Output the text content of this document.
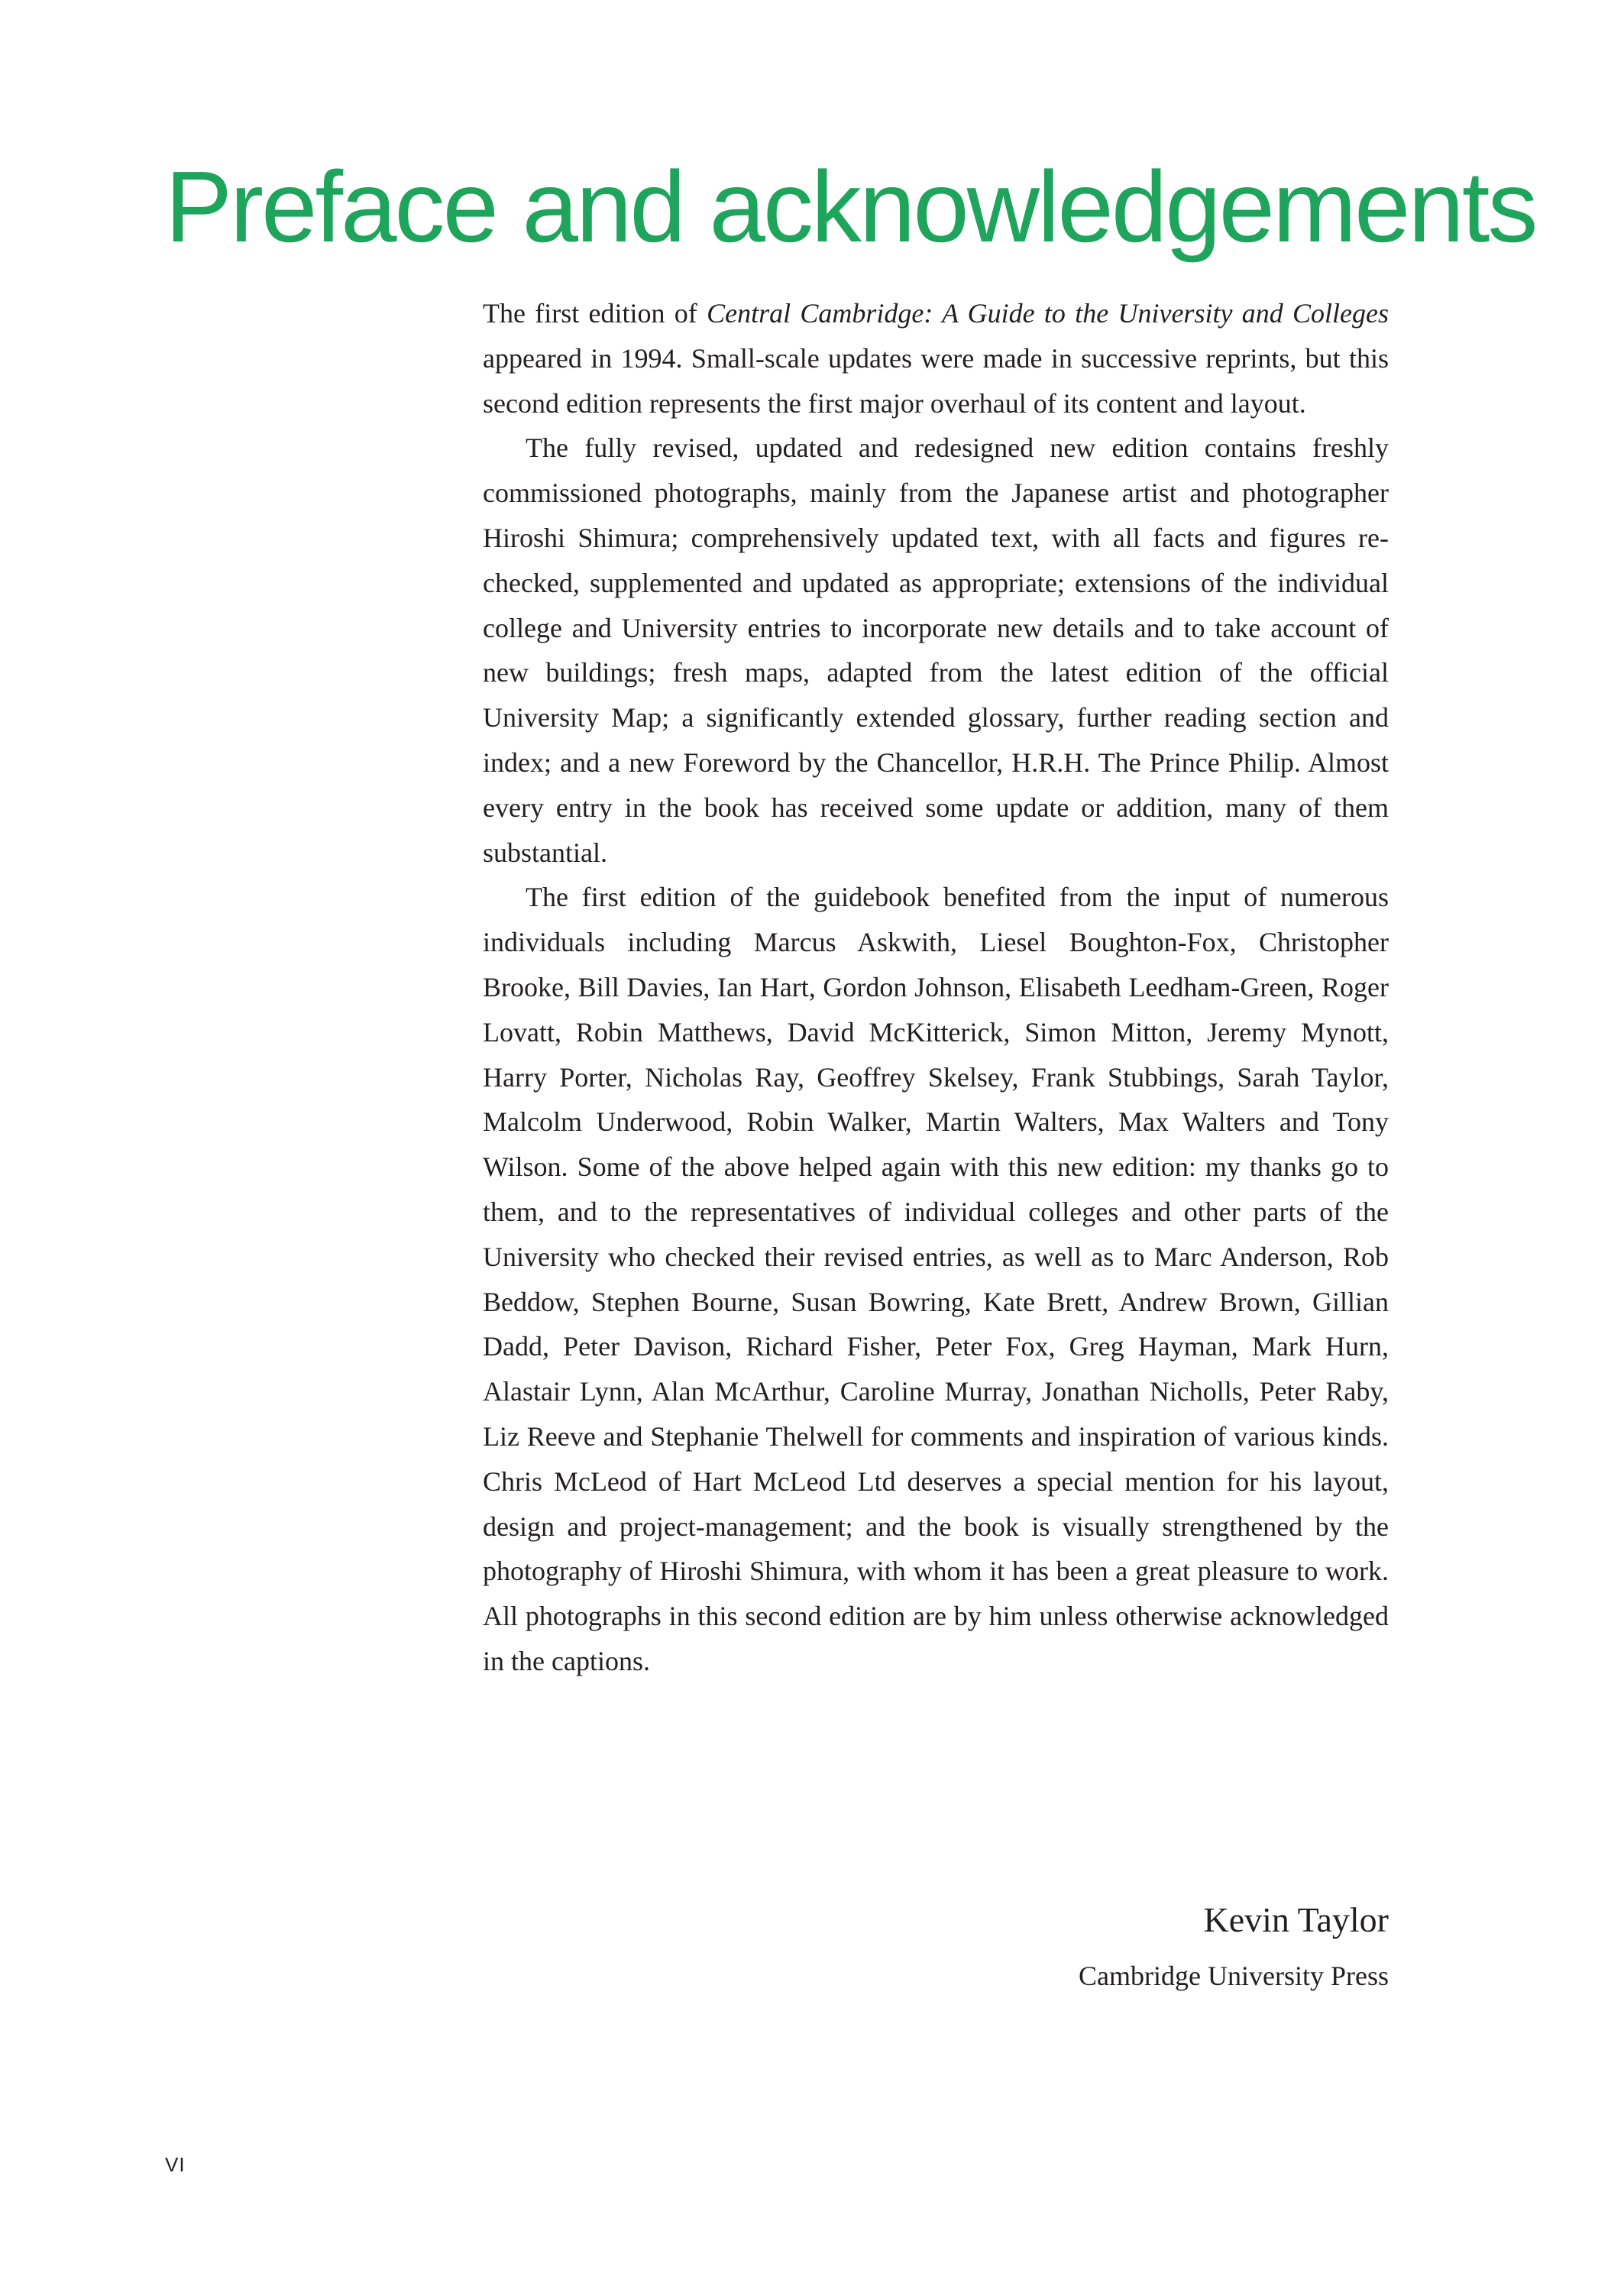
Preface and acknowledgements

The first edition of Central Cambridge: A Guide to the University and Colleges appeared in 1994. Small-scale updates were made in successive reprints, but this second edition represents the first major overhaul of its content and layout.

The fully revised, updated and redesigned new edition contains freshly commissioned photographs, mainly from the Japanese artist and photographer Hiroshi Shimura; comprehensively updated text, with all facts and figures re-checked, supplemented and updated as appropriate; extensions of the individual college and University entries to incorporate new details and to take account of new buildings; fresh maps, adapted from the latest edition of the official University Map; a significantly extended glossary, further reading section and index; and a new Foreword by the Chancellor, H.R.H. The Prince Philip. Almost every entry in the book has received some update or addition, many of them substantial.

The first edition of the guidebook benefited from the input of numerous individuals including Marcus Askwith, Liesel Boughton-Fox, Christopher Brooke, Bill Davies, Ian Hart, Gordon Johnson, Elisabeth Leedham-Green, Roger Lovatt, Robin Matthews, David McKitterick, Simon Mitton, Jeremy Mynott, Harry Porter, Nicholas Ray, Geoffrey Skelsey, Frank Stubbings, Sarah Taylor, Malcolm Underwood, Robin Walker, Martin Walters, Max Walters and Tony Wilson. Some of the above helped again with this new edition: my thanks go to them, and to the representatives of individual colleges and other parts of the University who checked their revised entries, as well as to Marc Anderson, Rob Beddow, Stephen Bourne, Susan Bowring, Kate Brett, Andrew Brown, Gillian Dadd, Peter Davison, Richard Fisher, Peter Fox, Greg Hayman, Mark Hurn, Alastair Lynn, Alan McArthur, Caroline Murray, Jonathan Nicholls, Peter Raby, Liz Reeve and Stephanie Thelwell for comments and inspiration of various kinds. Chris McLeod of Hart McLeod Ltd deserves a special mention for his layout, design and project-management; and the book is visually strengthened by the photography of Hiroshi Shimura, with whom it has been a great pleasure to work. All photographs in this second edition are by him unless otherwise acknowledged in the captions.

Kevin Taylor
Cambridge University Press
VI
